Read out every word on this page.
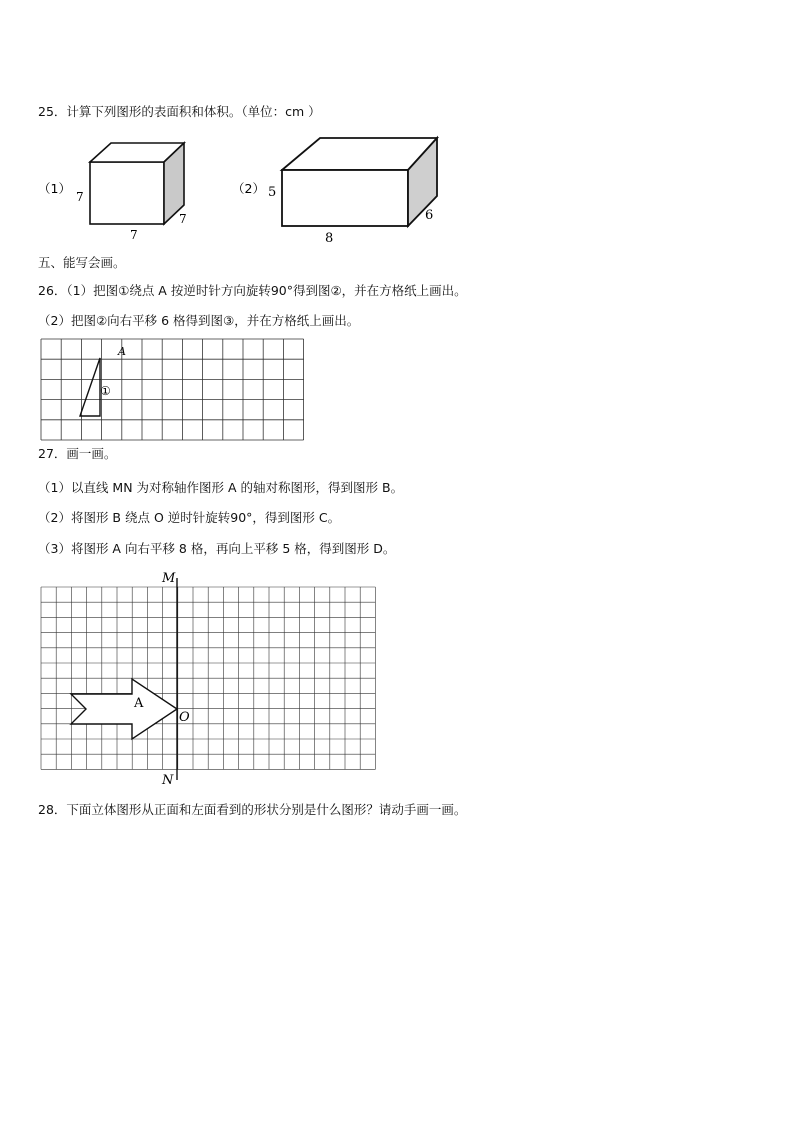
25．计算下列图形的表面积和体积。（单位：cm ）
（1）
7
7
7
（2） 5
8
6
五、能写会画。
26．（1）把图①绕点 A 按逆时针方向旋转90°得到图②，并在方格纸上画出。
（2）把图②向右平移 6 格得到图③，并在方格纸上画出。
A
①
27．画一画。
（1）以直线 MN 为对称轴作图形 A 的轴对称图形，得到图形 B。
（2）将图形 B 绕点 O 逆时针旋转90°，得到图形 C。
（3）将图形 A 向右平移 8 格，再向上平移 5 格，得到图形 D。
M
N
A
O
28．下面立体图形从正面和左面看到的形状分别是什么图形？请动手画一画。
